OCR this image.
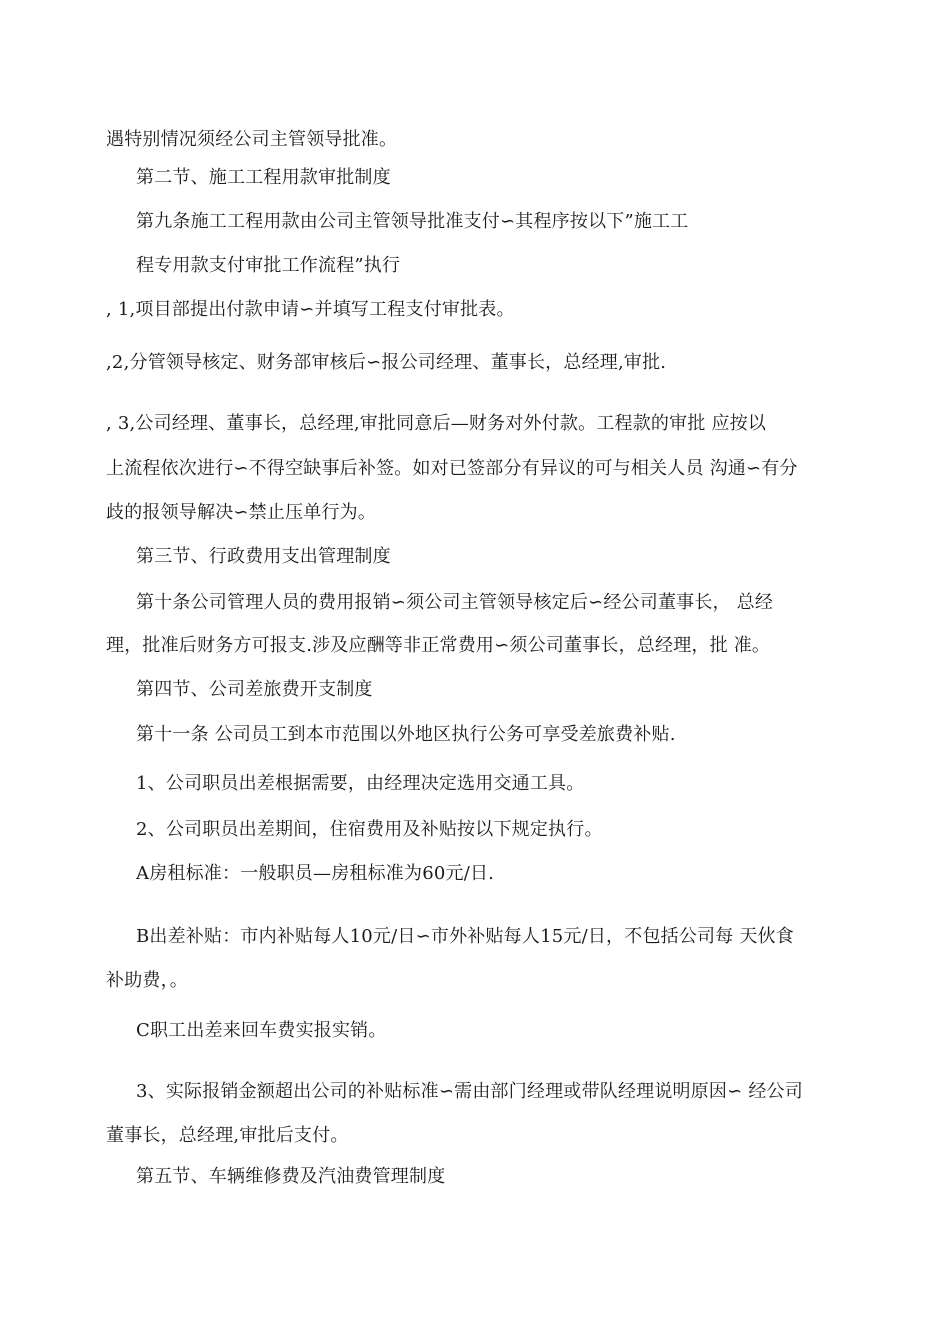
遇特别情况须经公司主管领导批准。
第二节、施工工程用款审批制度
第九条施工工程用款由公司主管领导批准支付∽其程序按以下”施工工
程专用款支付审批工作流程”执行
, 1,项目部提出付款申请∽并填写工程支付审批表。
,2,分管领导核定、财务部审核后∽报公司经理、董事长，总经理,审批.
, 3,公司经理、董事长，总经理,审批同意后—财务对外付款。工程款的审批 应按以
上流程依次进行∽不得空缺事后补签。如对已签部分有异议的可与相关人员 沟通∽有分
歧的报领导解决∽禁止压单行为。
第三节、行政费用支出管理制度
第十条公司管理人员的费用报销∽须公司主管领导核定后∽经公司董事长， 总经
理，批准后财务方可报支.涉及应酬等非正常费用∽须公司董事长，总经理，批 准。
第四节、公司差旅费开支制度
第十一条 公司员工到本市范围以外地区执行公务可享受差旅费补贴.
1、公司职员出差根据需要，由经理决定选用交通工具。
2、公司职员出差期间，住宿费用及补贴按以下规定执行。
A房租标准：一般职员—房租标准为60元/日.
B出差补贴：市内补贴每人10元/日∽市外补贴每人15元/日，不包括公司每 天伙食
补助费，。
C职工出差来回车费实报实销。
3、实际报销金额超出公司的补贴标准∽需由部门经理或带队经理说明原因∽ 经公司
董事长，总经理,审批后支付。
第五节、车辆维修费及汽油费管理制度
